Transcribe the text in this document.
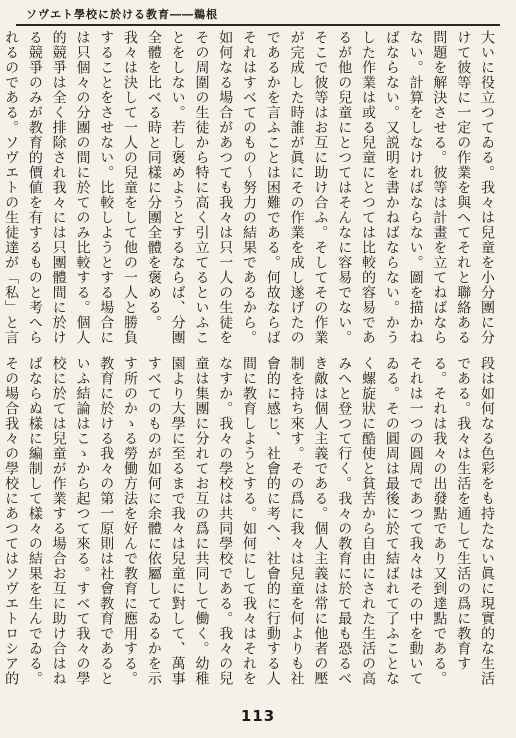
ソヴエト學校に於ける教育――鵜根

大いに役立つてゐる。我々は兒童を小分團に分けて彼等に一定の作業を與へてそれと聯絡ある問題を解決させる。彼等は計畫を立てねばならない。計算をしなければならない。圖を描かねばならない。又説明を書かねばならない。かうした作業は或る兒童にとつては比較的容易であるが他の兒童にとつてはそんなに容易でない。そこで彼等はお互に助け合ふ。そしてその作業が完成した時誰が眞にその作業を成し遂げたのであるかを言ふことは困難である。何故ならばそれはすべてのもの～努力の結果であるから。如何なる場合があつても我々は只一人の生徒をその周圍の生徒から特に高く引立てるといふことをしない。若し褒めようとするならば、分團全體を比べる時と同樣に分團全體を褒める。我々は決して一人の兒童をして他の一人と勝負することをさせない。比較しようとする場合には只個々の分團の間に於てのみ比較する。個人的競爭は全く排除され我々には只團體間に於ける競爭のみが教育的價値を有するものと考へられるのである。ソヴエトの生徒達が「私」と言

段は如何なる色彩をも持たない眞に現實的な生活である。我々は生活を通して生活の爲に教育する。それは我々の出發點であり又到達點である。それは一つの圓周であつて我々はその中を動いてゐる。その圓周は最後に於て結ばれて了ふことなく螺旋狀に酷使と貧苦から自由にされた生活の高みへと登つて行く。我々の教育に於て最も恐るべき敵は個人主義である。個人主義は常に他者の壓制を持ち來す。その爲に我々は兒童を何よりも社會的に感じ、社會的に考へ、社會的に行動する人間に教育しようとする。如何にして我々はそれをなすか。我々の學校は共同學校である。我々の兒童は集團に分れてお互の爲に共同して働く。幼稚園より大學に至るまで我々は兒童に對して、萬事すべてのものが如何に余體に依屬してゐるかを示す所のかゝる勞働方法を好んで教育に應用する。教育に於ける我々の第一原則は社會教育であるといふ結論はこゝから起つて來る。すべて我々の學校に於ては兒童が作業する場合お互に助け合はねばならぬ樣に編制して樣々の結果を生んでゐる。その場合我々の學校にあつてはソヴエトロシア的

113
